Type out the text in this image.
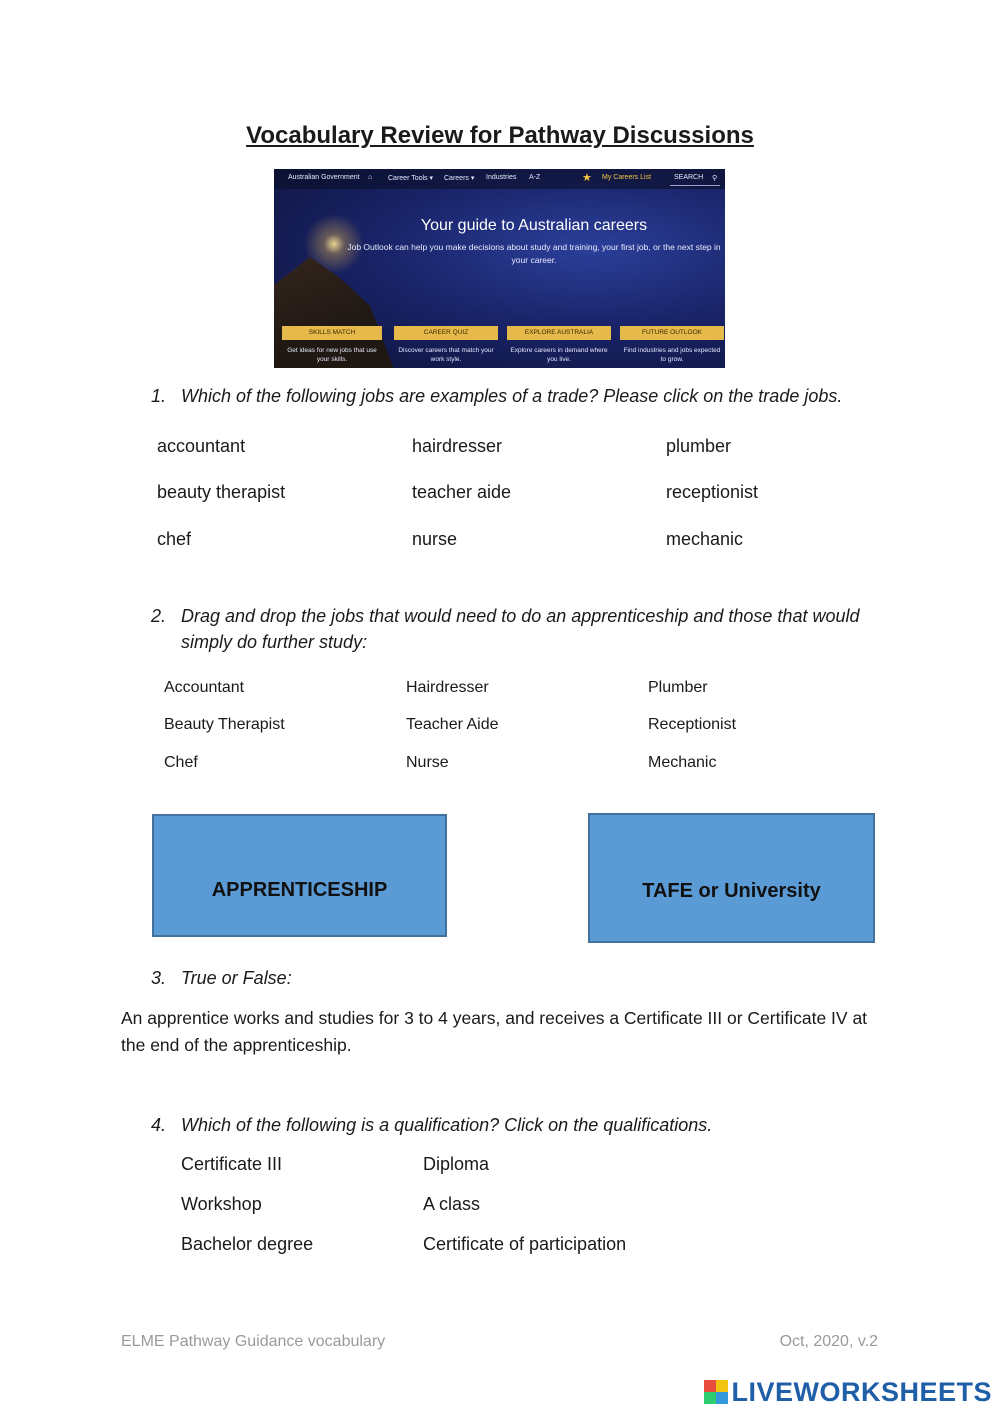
Vocabulary Review for Pathway Discussions
Australian Government ⌂ Career Tools ▾ Careers ▾ Industries A-Z	★ My Careers List	SEARCH ⚲
Your guide to Australian careers
Job Outlook can help you make decisions about study and training, your first job, or the next step in your career.
SKILLS MATCH	CAREER QUIZ	EXPLORE AUSTRALIA	FUTURE OUTLOOK
Get ideas for new jobs that use your skills.
Discover careers that match your work style.
Explore careers in demand where you live.
Find industries and jobs expected to grow.
1. Which of the following jobs are examples of a trade? Please click on the trade jobs.
accountant	hairdresser	plumber
beauty therapist	teacher aide	receptionist
chef	nurse	mechanic
2. Drag and drop the jobs that would need to do an apprenticeship and those that would simply do further study:
Accountant	Hairdresser	Plumber
Beauty Therapist	Teacher Aide	Receptionist
Chef	Nurse	Mechanic
APPRENTICESHIP	TAFE or University
3. True or False:
An apprentice works and studies for 3 to 4 years, and receives a Certificate III or Certificate IV at the end of the apprenticeship.
4. Which of the following is a qualification? Click on the qualifications.
Certificate III	Diploma
Workshop	A class
Bachelor degree	Certificate of participation
ELME Pathway Guidance vocabulary	Oct, 2020, v.2
LIVEWORKSHEETS
